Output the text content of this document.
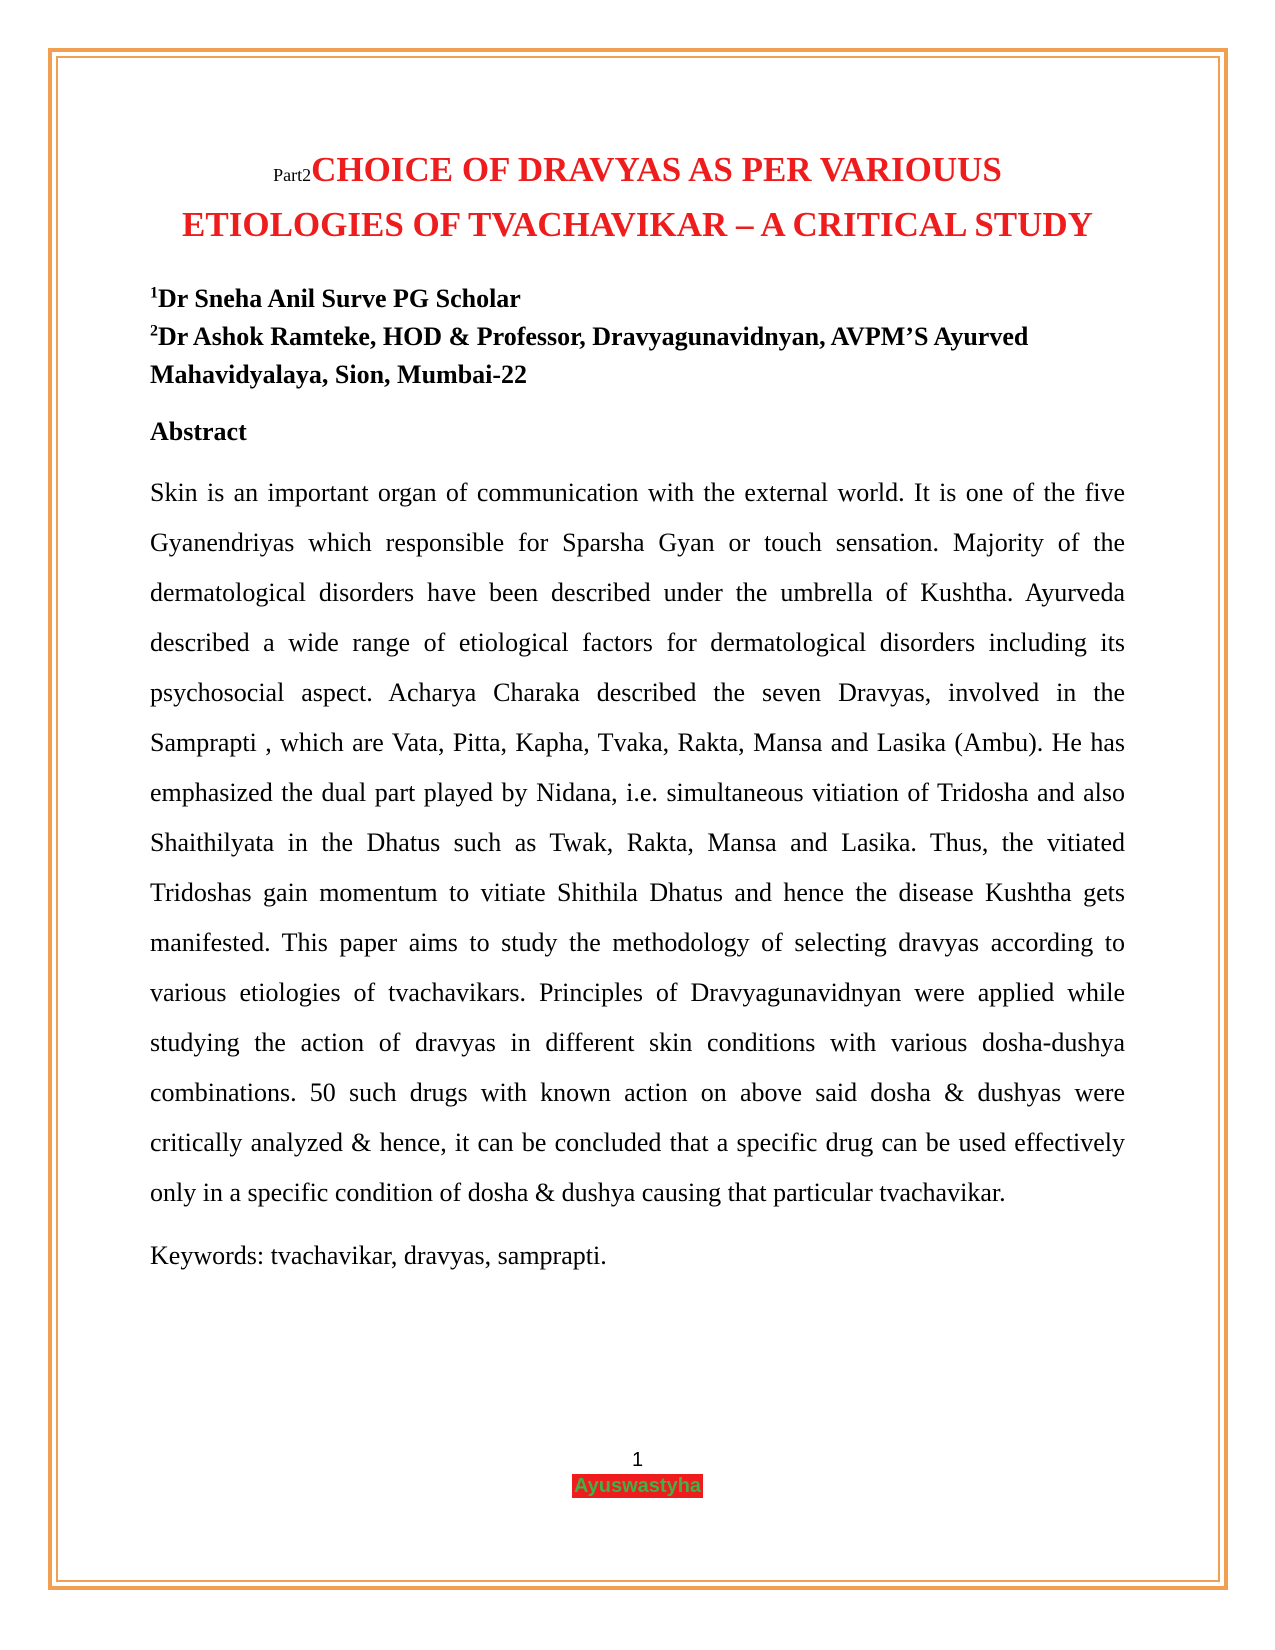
Part2CHOICE OF DRAVYAS AS PER VARIOUUS ETIOLOGIES OF TVACHAVIKAR – A CRITICAL STUDY
$^1$Dr Sneha Anil Surve PG Scholar
$^2$Dr Ashok Ramteke, HOD & Professor, Dravyagunavidnyan, AVPM’S Ayurved Mahavidyalaya, Sion, Mumbai-22
Abstract
Skin is an important organ of communication with the external world. It is one of the five Gyanendriyas which responsible for Sparsha Gyan or touch sensation. Majority of the dermatological disorders have been described under the umbrella of Kushtha. Ayurveda described a wide range of etiological factors for dermatological disorders including its psychosocial aspect. Acharya Charaka described the seven Dravyas, involved in the Samprapti , which are Vata, Pitta, Kapha, Tvaka, Rakta, Mansa and Lasika (Ambu). He has emphasized the dual part played by Nidana, i.e. simultaneous vitiation of Tridosha and also Shaithilyata in the Dhatus such as Twak, Rakta, Mansa and Lasika. Thus, the vitiated Tridoshas gain momentum to vitiate Shithila Dhatus and hence the disease Kushtha gets manifested. This paper aims to study the methodology of selecting dravyas according to various etiologies of tvachavikars. Principles of Dravyagunavidnyan were applied while studying the action of dravyas in different skin conditions with various dosha-dushya combinations. 50 such drugs with known action on above said dosha & dushyas were critically analyzed & hence, it can be concluded that a specific drug can be used effectively only in a specific condition of dosha & dushya causing that particular tvachavikar.
Keywords: tvachavikar, dravyas, samprapti.
1
Ayuswastyha
